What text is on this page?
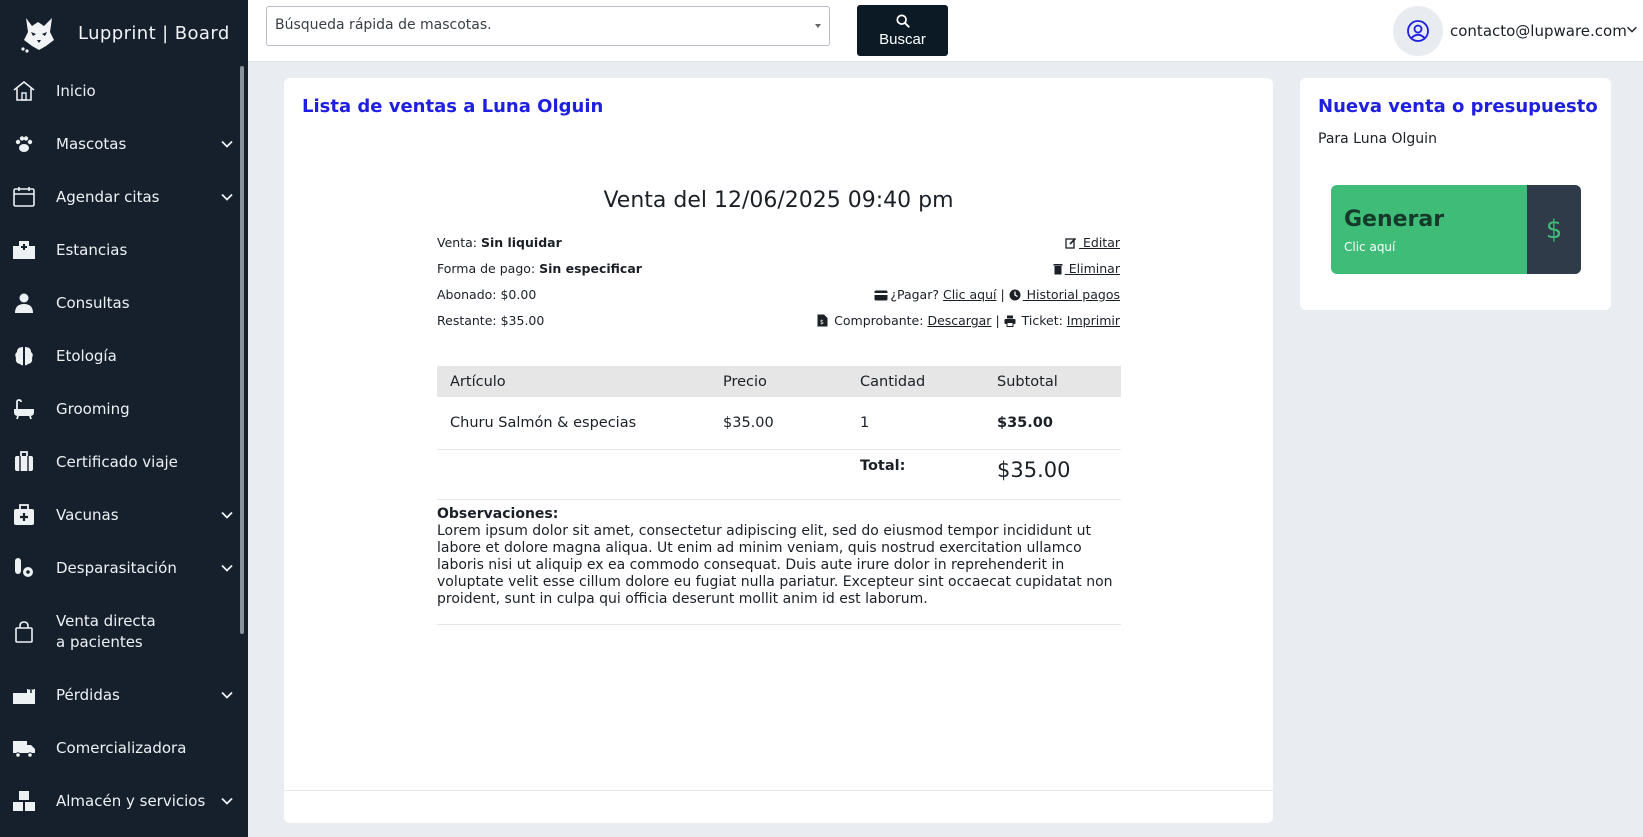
Lupprint | Board
Inicio
Mascotas
Agendar citas
Estancias
Consultas
Etología
Grooming
Certificado viaje
Vacunas
Desparasitación
Venta directa
a pacientes
Pérdidas
Comercializadora
Almacén y servicios
Búsqueda rápida de mascotas.
Buscar	contacto@lupware.com
Lista de ventas a Luna Olguin
Venta del 12/06/2025 09:40 pm
Venta: Sin liquidar
Forma de pago: Sin especificar
Abonado: $0.00
Restante: $35.00
Editar
Eliminar
¿Pagar? Clic aquí |  Historial pagos
$ Comprobante: Descargar | Ticket: Imprimir
Artículo	Precio	Cantidad	Subtotal
Churu Salmón & especias	$35.00	1	$35.00
		Total:	$35.00
Observaciones:
Lorem ipsum dolor sit amet, consectetur adipiscing elit, sed do eiusmod tempor incididunt ut labore et dolore magna aliqua. Ut enim ad minim veniam, quis nostrud exercitation ullamco laboris nisi ut aliquip ex ea commodo consequat. Duis aute irure dolor in reprehenderit in voluptate velit esse cillum dolore eu fugiat nulla pariatur. Excepteur sint occaecat cupidatat non proident, sunt in culpa qui officia deserunt mollit anim id est laborum.
Nueva venta o presupuesto
Para Luna Olguin
Generar
Clic aquí
$
